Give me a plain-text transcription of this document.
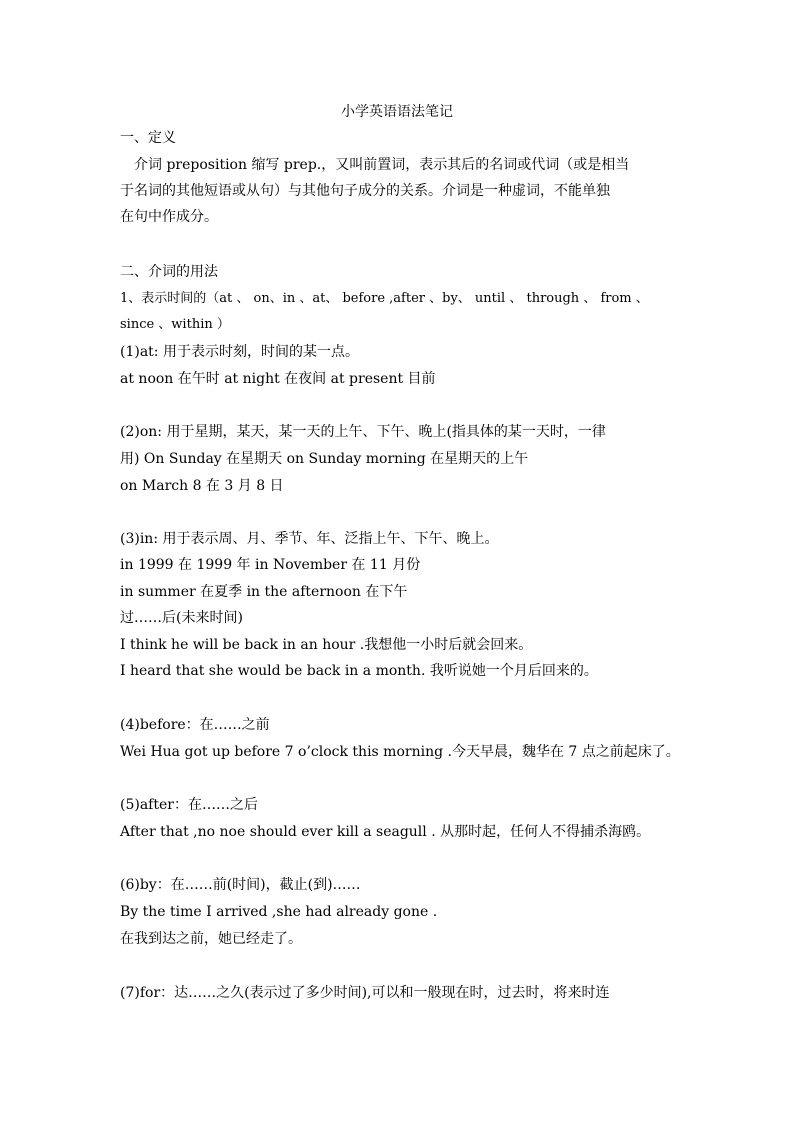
小学英语语法笔记
一、定义
　介词 preposition 缩写 prep.，又叫前置词，表示其后的名词或代词（或是相当
于名词的其他短语或从句）与其他句子成分的关系。介词是一种虚词，不能单独
在句中作成分。
二、介词的用法
1、表示时间的（at 、 on、in 、at、 before ,after 、by、 until 、 through 、 from 、
since 、within ）
(1)at: 用于表示时刻，时间的某一点。
at noon 在午时 at night 在夜间 at present 目前
(2)on: 用于星期，某天，某一天的上午、下午、晚上(指具体的某一天时，一律
用) On Sunday 在星期天 on Sunday morning 在星期天的上午
on March 8 在 3 月 8 日
(3)in: 用于表示周、月、季节、年、泛指上午、下午、晚上。
in 1999 在 1999 年 in November 在 11 月份
in summer 在夏季 in the afternoon 在下午
过……后(未来时间)
I think he will be back in an hour .我想他一小时后就会回来。
I heard that she would be back in a month. 我听说她一个月后回来的。
(4)before：在……之前
Wei Hua got up before 7 o’clock this morning .今天早晨，魏华在 7 点之前起床了。
(5)after：在……之后
After that ,no noe should ever kill a seagull . 从那时起，任何人不得捕杀海鸥。
(6)by：在……前(时间)，截止(到)……
By the time I arrived ,she had already gone .
在我到达之前，她已经走了。
(7)for：达……之久(表示过了多少时间),可以和一般现在时，过去时，将来时连
